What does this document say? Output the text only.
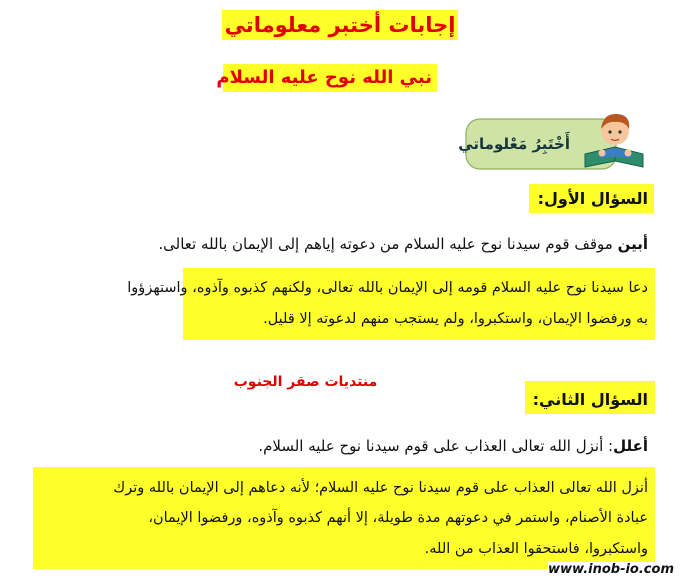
إجابات أختبر معلوماتي
نبي الله نوح عليه السلام
أَخْتَبِرُ مَعْلوماتي
السؤال الأول:
أبين موقف قوم سيدنا نوح عليه السلام من دعوته إياهم إلى الإيمان بالله تعالى.
دعا سيدنا نوح عليه السلام قومه إلى الإيمان بالله تعالى، ولكنهم كذبوه وآذوه، واستهزؤوا
به ورفضوا الإيمان، واستكبروا، ولم يستجب منهم لدعوته إلا قليل.
منتديات صقر الجنوب
السؤال الثاني:
أعلل: أنزل الله تعالى العذاب على قوم سيدنا نوح عليه السلام.
أنزل الله تعالى العذاب على قوم سيدنا نوح عليه السلام؛ لأنه دعاهم إلى الإيمان بالله وترك
عبادة الأصنام، واستمر في دعوتهم مدة طويلة، إلا أنهم كذبوه وآذوه، ورفضوا الإيمان،
واستكبروا، فاستحقوا العذاب من الله.
www.inob-io.com
